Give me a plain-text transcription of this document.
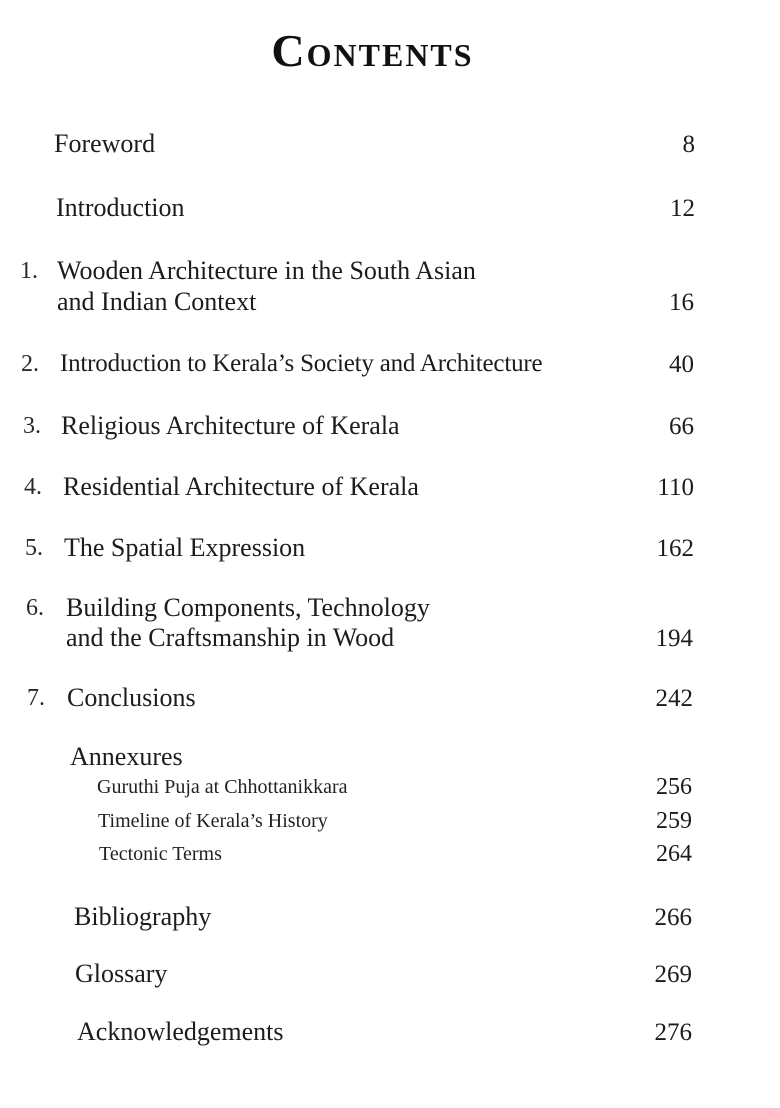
Contents
Foreword	8
Introduction	12
1. Wooden Architecture in the South Asian
and Indian Context	16
2. Introduction to Kerala’s Society and Architecture	40
3. Religious Architecture of Kerala	66
4. Residential Architecture of Kerala	110
5. The Spatial Expression	162
6. Building Components, Technology
and the Craftsmanship in Wood	194
7. Conclusions	242
Annexures
Guruthi Puja at Chhottanikkara	256
Timeline of Kerala’s History	259
Tectonic Terms	264
Bibliography	266
Glossary	269
Acknowledgements	276
